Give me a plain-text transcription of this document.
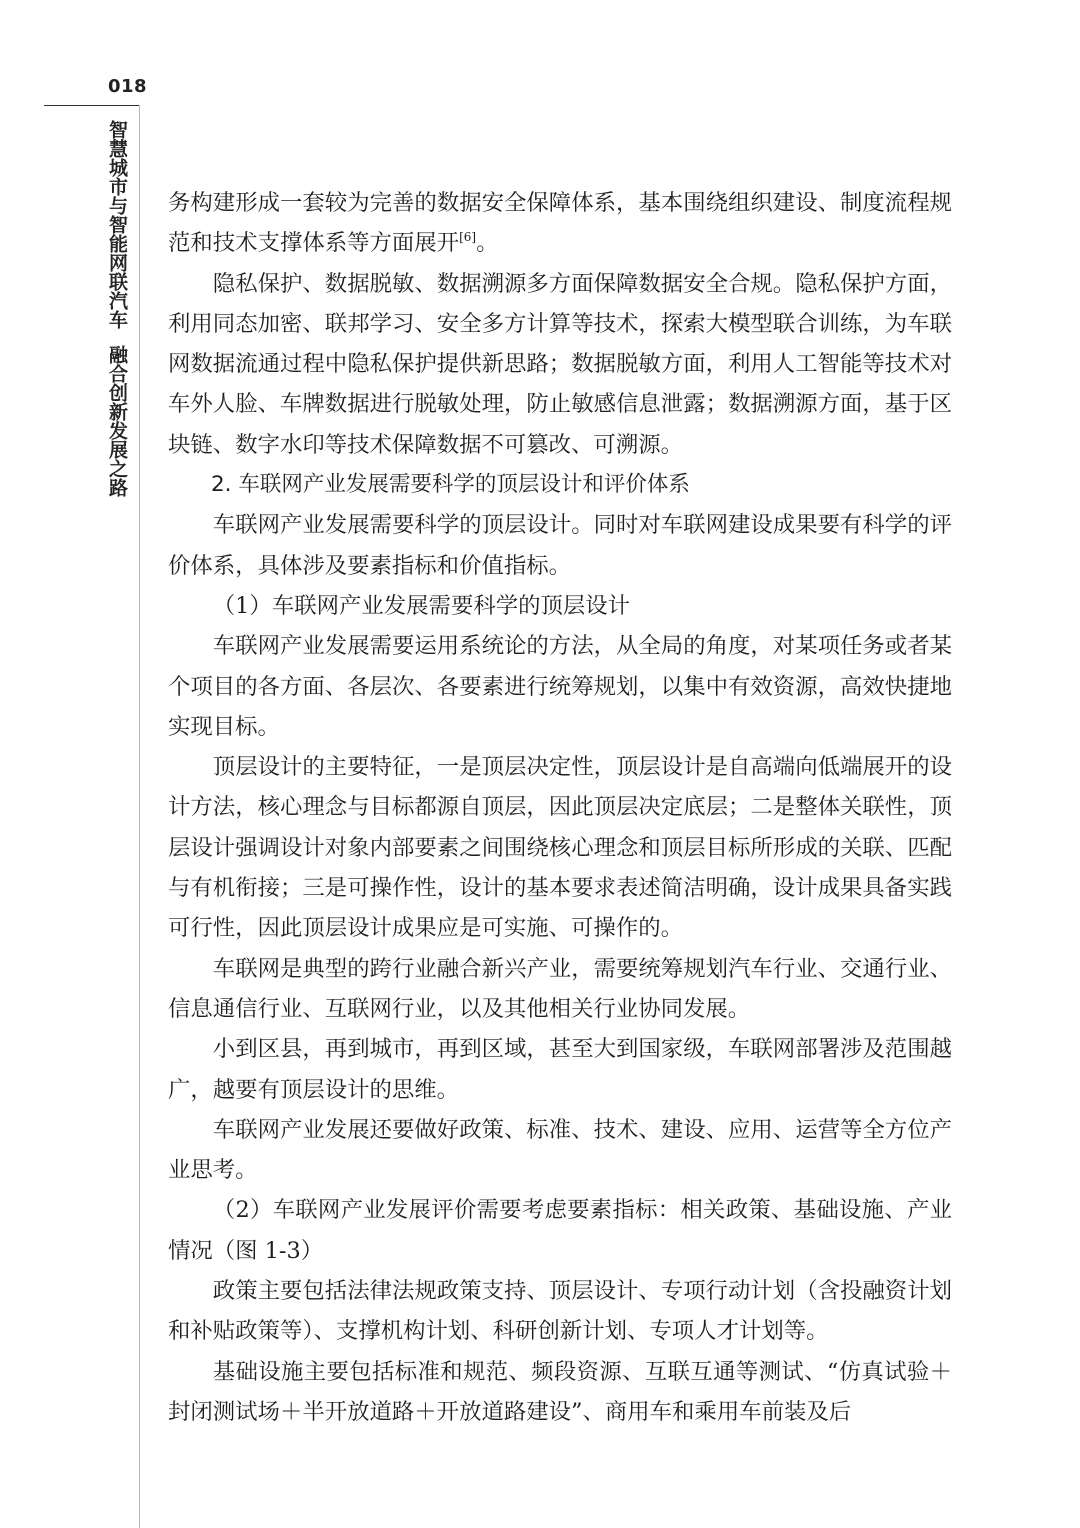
018
智慧城市与智能网联汽车融合创新发展之路

务构建形成一套较为完善的数据安全保障体系，基本围绕组织建设、制度流程规范和技术支撑体系等方面展开[6]。

隐私保护、数据脱敏、数据溯源多方面保障数据安全合规。隐私保护方面，利用同态加密、联邦学习、安全多方计算等技术，探索大模型联合训练，为车联网数据流通过程中隐私保护提供新思路；数据脱敏方面，利用人工智能等技术对车外人脸、车牌数据进行脱敏处理，防止敏感信息泄露；数据溯源方面，基于区块链、数字水印等技术保障数据不可篡改、可溯源。

2. 车联网产业发展需要科学的顶层设计和评价体系

车联网产业发展需要科学的顶层设计。同时对车联网建设成果要有科学的评价体系，具体涉及要素指标和价值指标。

（1）车联网产业发展需要科学的顶层设计

车联网产业发展需要运用系统论的方法，从全局的角度，对某项任务或者某个项目的各方面、各层次、各要素进行统筹规划，以集中有效资源，高效快捷地实现目标。

顶层设计的主要特征，一是顶层决定性，顶层设计是自高端向低端展开的设计方法，核心理念与目标都源自顶层，因此顶层决定底层；二是整体关联性，顶层设计强调设计对象内部要素之间围绕核心理念和顶层目标所形成的关联、匹配与有机衔接；三是可操作性，设计的基本要求表述简洁明确，设计成果具备实践可行性，因此顶层设计成果应是可实施、可操作的。

车联网是典型的跨行业融合新兴产业，需要统筹规划汽车行业、交通行业、信息通信行业、互联网行业，以及其他相关行业协同发展。

小到区县，再到城市，再到区域，甚至大到国家级，车联网部署涉及范围越广，越要有顶层设计的思维。

车联网产业发展还要做好政策、标准、技术、建设、应用、运营等全方位产业思考。

（2）车联网产业发展评价需要考虑要素指标：相关政策、基础设施、产业情况（图 1-3）

政策主要包括法律法规政策支持、顶层设计、专项行动计划（含投融资计划和补贴政策等）、支撑机构计划、科研创新计划、专项人才计划等。

基础设施主要包括标准和规范、频段资源、互联互通等测试、“仿真试验＋封闭测试场＋半开放道路＋开放道路建设”、商用车和乘用车前装及后
